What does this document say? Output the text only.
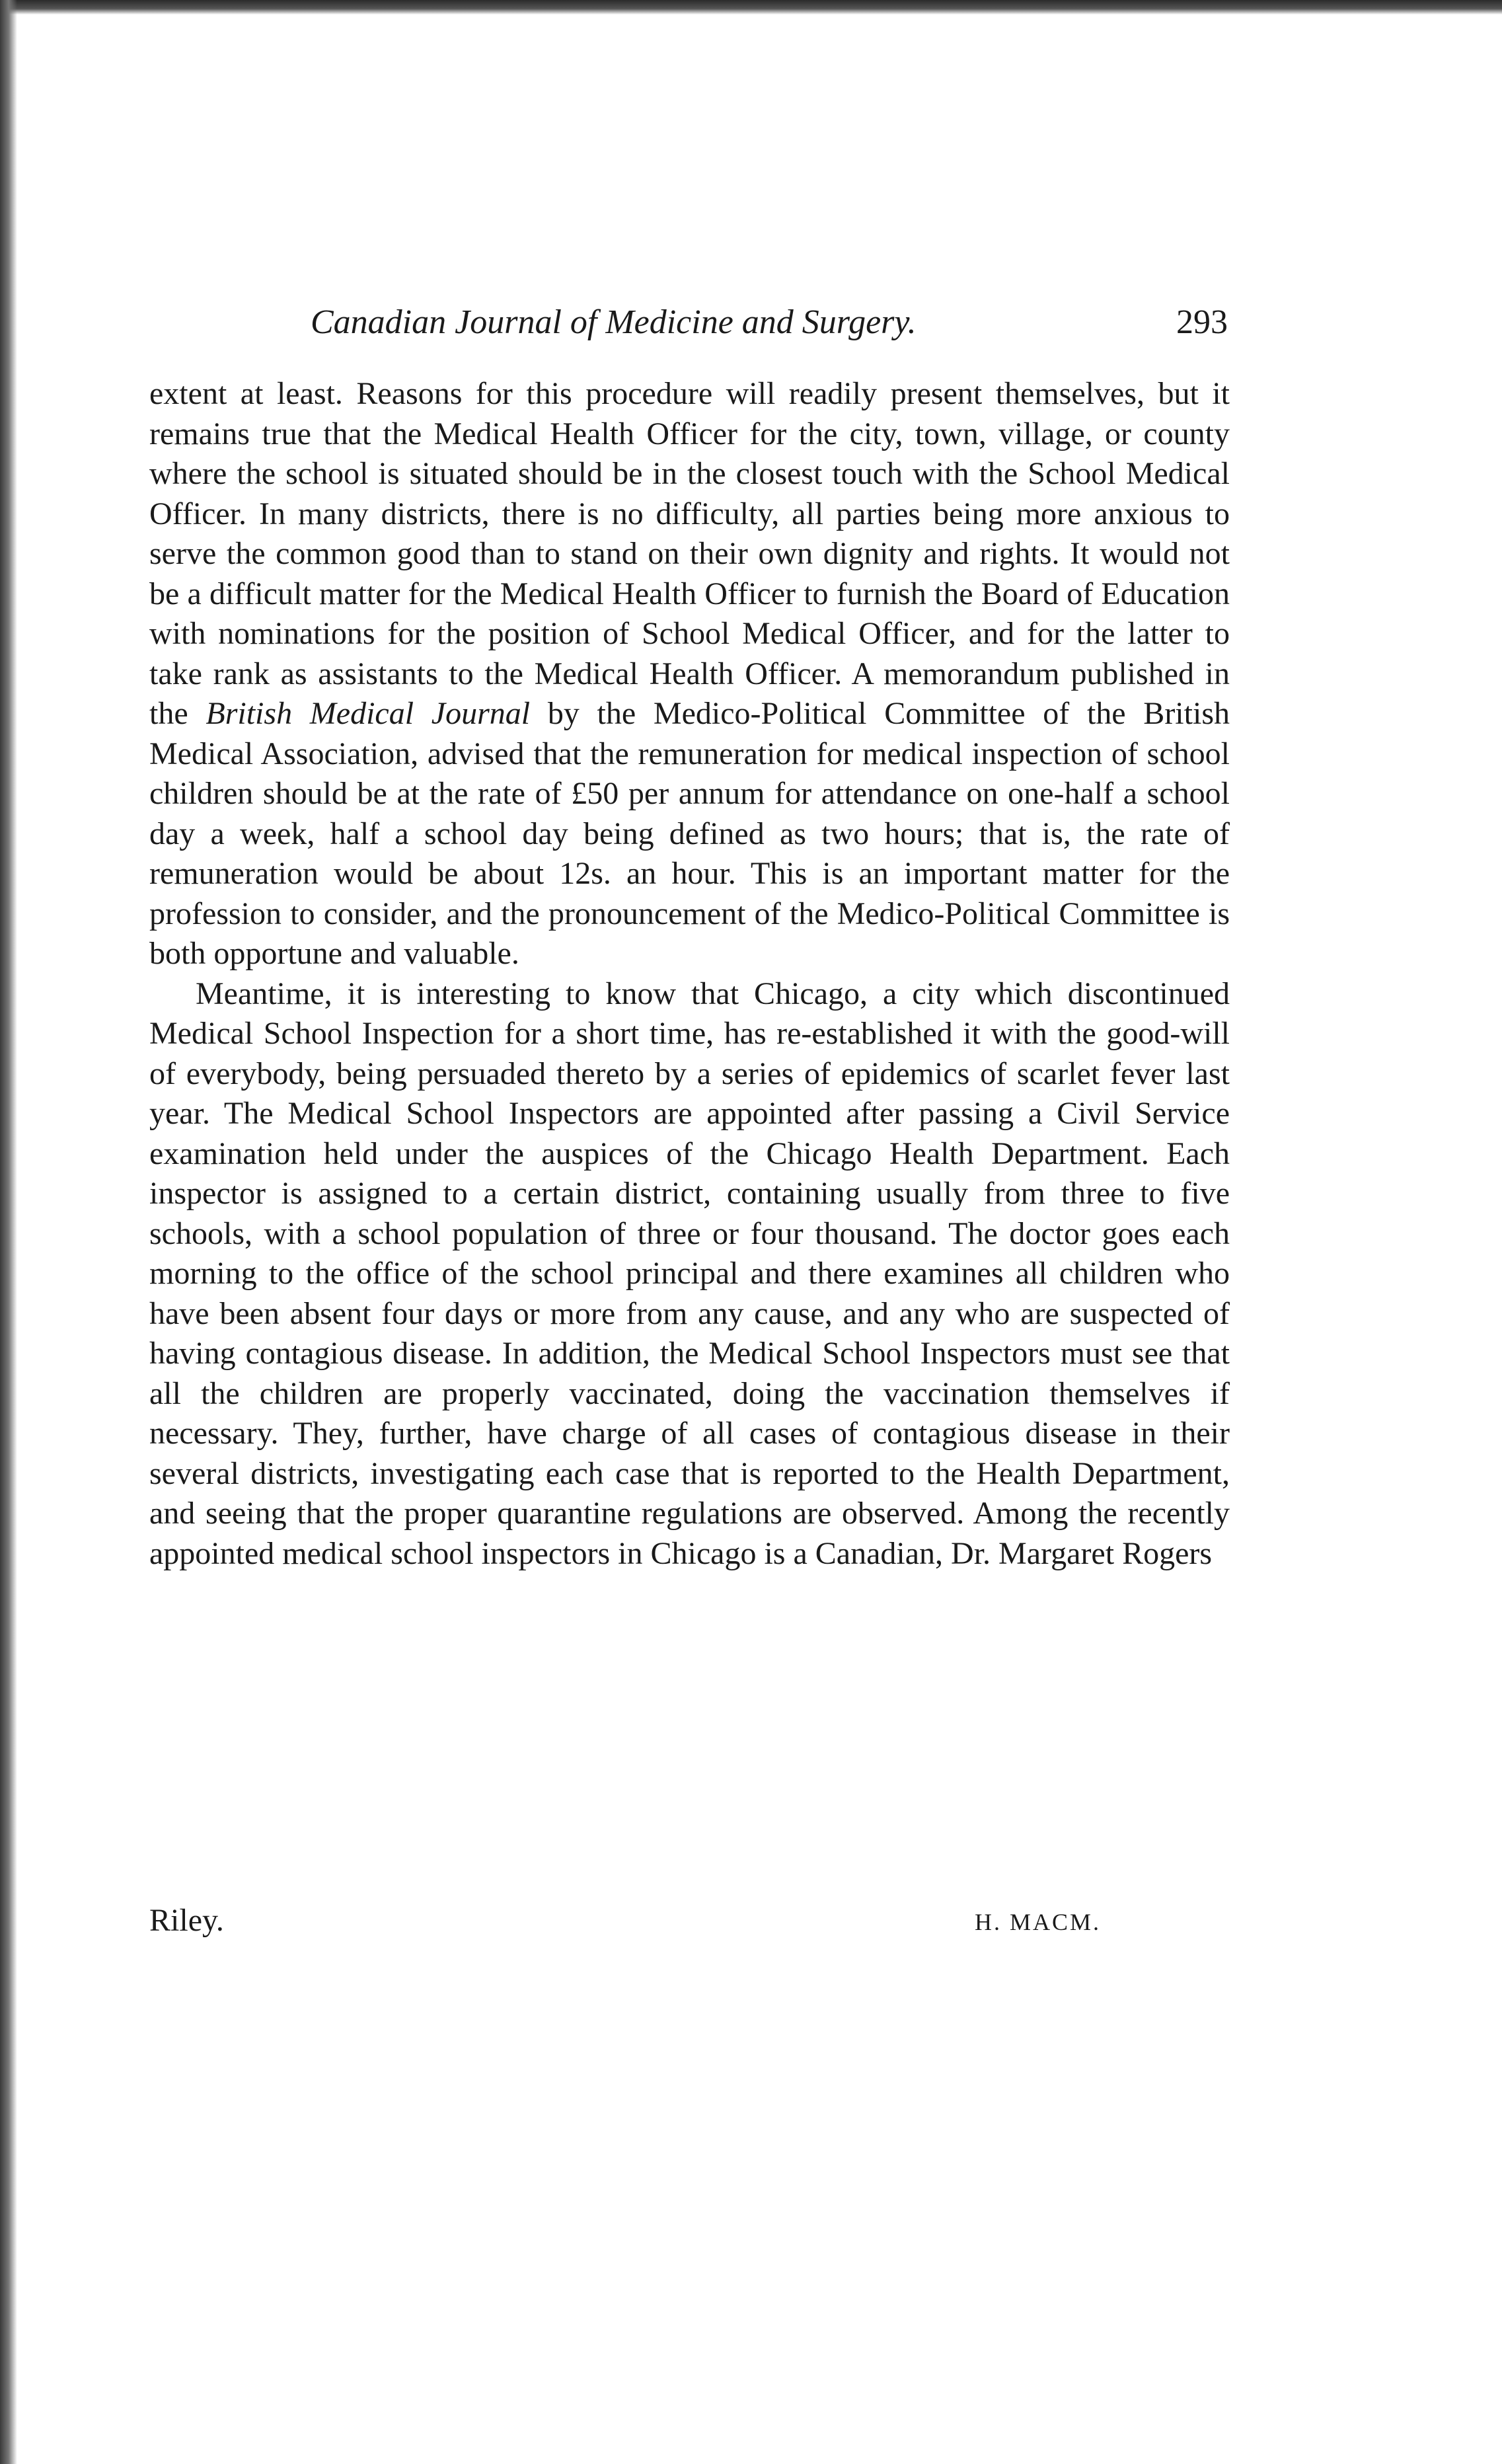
Canadian Journal of Medicine and Surgery.	293

extent at least. Reasons for this procedure will readily present themselves, but it remains true that the Medical Health Officer for the city, town, village, or county where the school is situated should be in the closest touch with the School Medical Officer. In many districts, there is no difficulty, all parties being more anxious to serve the common good than to stand on their own dignity and rights. It would not be a difficult matter for the Medical Health Officer to furnish the Board of Education with nominations for the position of School Medical Officer, and for the latter to take rank as assistants to the Medical Health Officer. A memorandum published in the British Medical Journal by the Medico-Political Committee of the British Medical Association, advised that the remuneration for medical inspection of school children should be at the rate of £50 per annum for attendance on one-half a school day a week, half a school day being defined as two hours; that is, the rate of remuneration would be about 12s. an hour. This is an important matter for the profession to consider, and the pronouncement of the Medico-Political Committee is both opportune and valuable.

Meantime, it is interesting to know that Chicago, a city which discontinued Medical School Inspection for a short time, has re-established it with the good-will of everybody, being persuaded thereto by a series of epidemics of scarlet fever last year. The Medical School Inspectors are appointed after passing a Civil Service examination held under the auspices of the Chicago Health Department. Each inspector is assigned to a certain district, containing usually from three to five schools, with a school population of three or four thousand. The doctor goes each morning to the office of the school principal and there examines all children who have been absent four days or more from any cause, and any who are suspected of having contagious disease. In addition, the Medical School Inspectors must see that all the children are properly vaccinated, doing the vaccination themselves if necessary. They, further, have charge of all cases of contagious disease in their several districts, investigating each case that is reported to the Health Department, and seeing that the proper quarantine regulations are observed. Among the recently appointed medical school inspectors in Chicago is a Canadian, Dr. Margaret Rogers

Riley.	H. MACM.
